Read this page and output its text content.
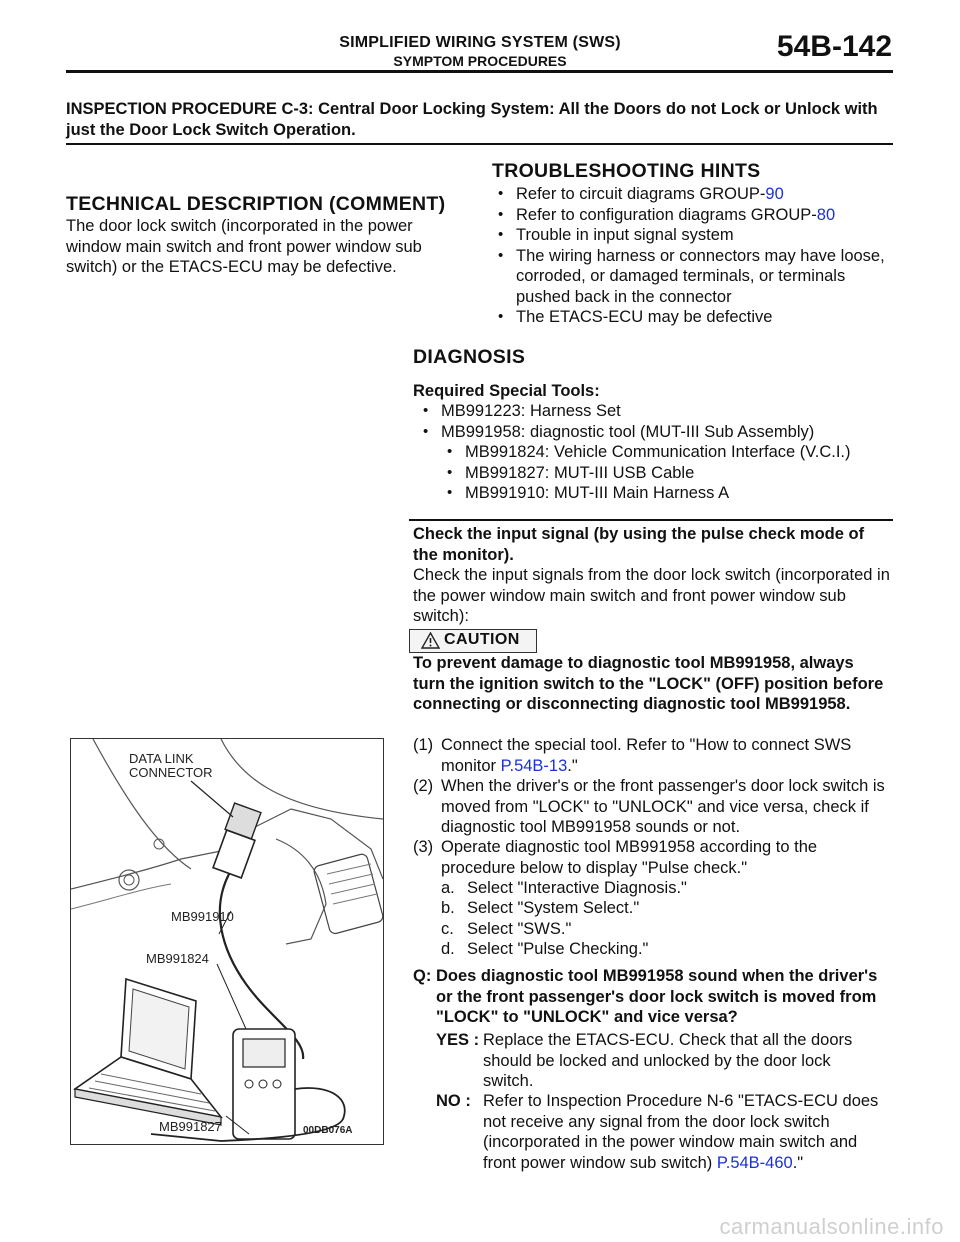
SIMPLIFIED WIRING SYSTEM (SWS)
SYMPTOM PROCEDURES	54B-142
INSPECTION PROCEDURE C-3: Central Door Locking System: All the Doors do not Lock or Unlock with just the Door Lock Switch Operation.
TECHNICAL DESCRIPTION (COMMENT)
The door lock switch (incorporated in the power window main switch and front power window sub switch) or the ETACS-ECU may be defective.
TROUBLESHOOTING HINTS
• Refer to circuit diagrams GROUP-90
• Refer to configuration diagrams GROUP-80
• Trouble in input signal system
• The wiring harness or connectors may have loose, corroded, or damaged terminals, or terminals pushed back in the connector
• The ETACS-ECU may be defective
DIAGNOSIS
Required Special Tools:
• MB991223: Harness Set
• MB991958: diagnostic tool (MUT-III Sub Assembly)
• MB991824: Vehicle Communication Interface (V.C.I.)
• MB991827: MUT-III USB Cable
• MB991910: MUT-III Main Harness A
Check the input signal (by using the pulse check mode of the monitor).
Check the input signals from the door lock switch (incorporated in the power window main switch and front power window sub switch):
CAUTION
To prevent damage to diagnostic tool MB991958, always turn the ignition switch to the "LOCK" (OFF) position before connecting or disconnecting diagnostic tool MB991958.
(1) Connect the special tool. Refer to "How to connect SWS monitor P.54B-13."
(2) When the driver's or the front passenger's door lock switch is moved from "LOCK" to "UNLOCK" and vice versa, check if diagnostic tool MB991958 sounds or not.
(3) Operate diagnostic tool MB991958 according to the procedure below to display "Pulse check."
a. Select "Interactive Diagnosis."
b. Select "System Select."
c. Select "SWS."
d. Select "Pulse Checking."
Q: Does diagnostic tool MB991958 sound when the driver's or the front passenger's door lock switch is moved from "LOCK" to "UNLOCK" and vice versa?
YES : Replace the ETACS-ECU. Check that all the doors should be locked and unlocked by the door lock switch.
NO : Refer to Inspection Procedure N-6 "ETACS-ECU does not receive any signal from the door lock switch (incorporated in the power window main switch and front power window sub switch) P.54B-460."
DATA LINK
CONNECTOR
MB991910
MB991824
MB991827	00DB076A
carmanualsonline.info
